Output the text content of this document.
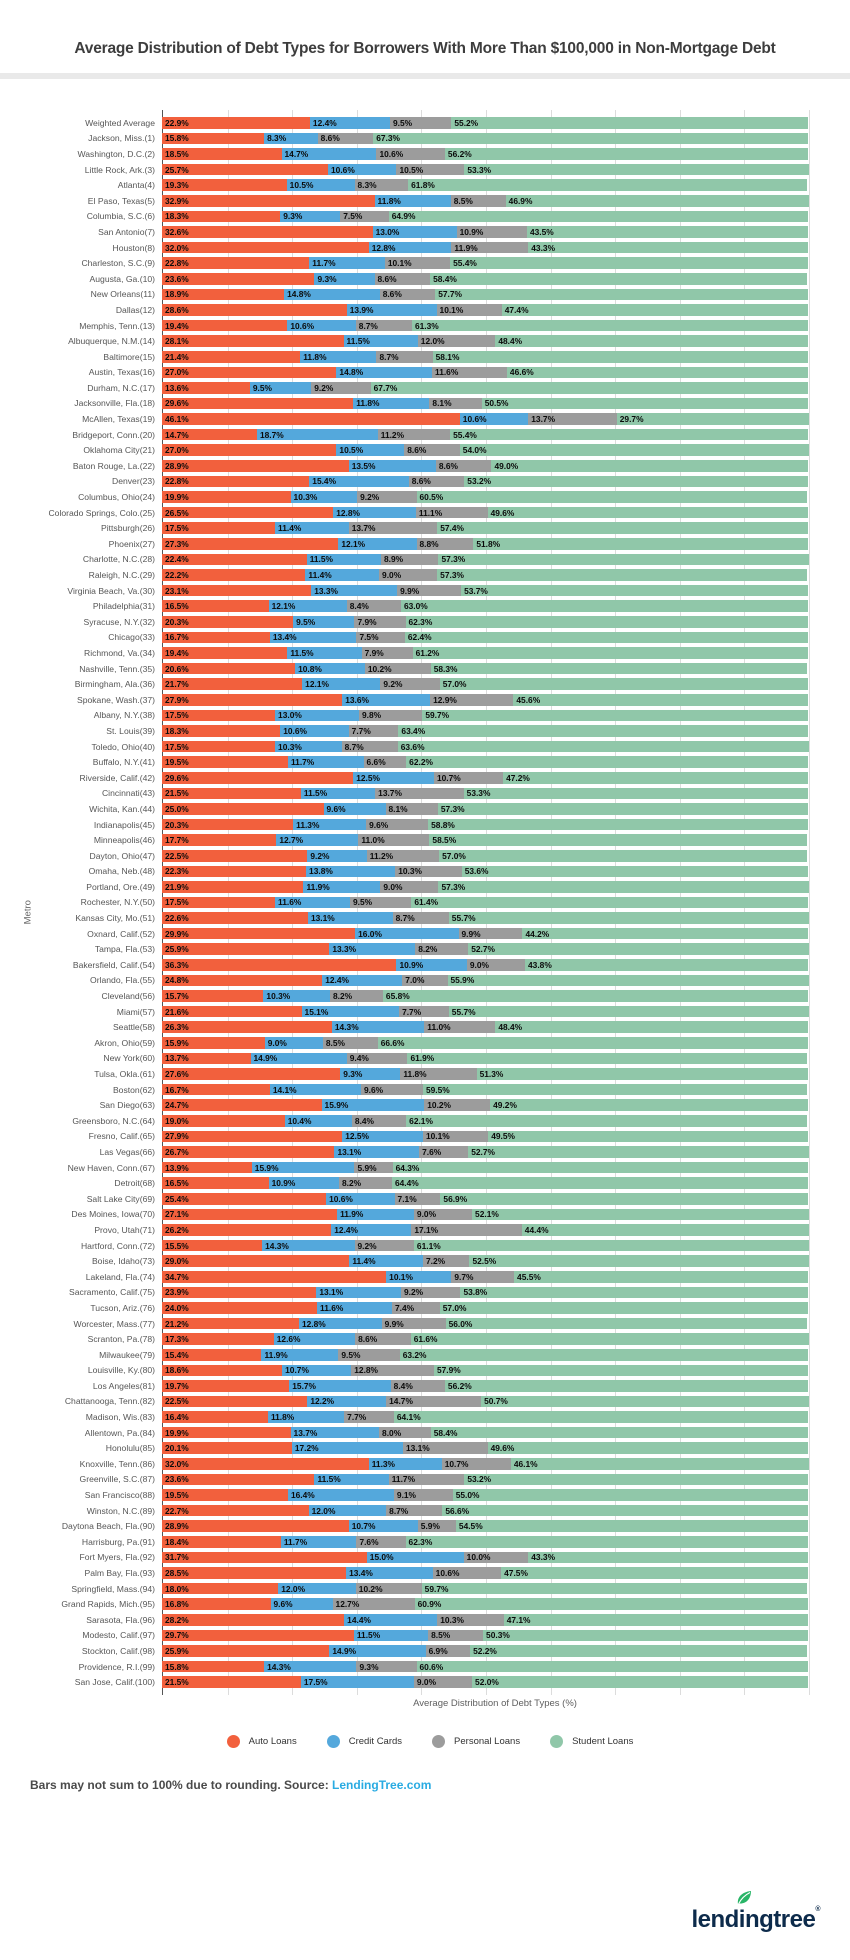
Average Distribution of Debt Types for Borrowers With More Than $100,000 in Non-Mortgage Debt
Metro
Weighted Average	22.9%	12.4%	9.5%	55.2%
Jackson, Miss.(1)	15.8%	8.3%	8.6%	67.3%
Washington, D.C.(2)	18.5%	14.7%	10.6%	56.2%
Little Rock, Ark.(3)	25.7%	10.6%	10.5%	53.3%
Atlanta(4)	19.3%	10.5%	8.3%	61.8%
El Paso, Texas(5)	32.9%	11.8%	8.5%	46.9%
Columbia, S.C.(6)	18.3%	9.3%	7.5%	64.9%
San Antonio(7)	32.6%	13.0%	10.9%	43.5%
Houston(8)	32.0%	12.8%	11.9%	43.3%
Charleston, S.C.(9)	22.8%	11.7%	10.1%	55.4%
Augusta, Ga.(10)	23.6%	9.3%	8.6%	58.4%
New Orleans(11)	18.9%	14.8%	8.6%	57.7%
Dallas(12)	28.6%	13.9%	10.1%	47.4%
Memphis, Tenn.(13)	19.4%	10.6%	8.7%	61.3%
Albuquerque, N.M.(14)	28.1%	11.5%	12.0%	48.4%
Baltimore(15)	21.4%	11.8%	8.7%	58.1%
Austin, Texas(16)	27.0%	14.8%	11.6%	46.6%
Durham, N.C.(17)	13.6%	9.5%	9.2%	67.7%
Jacksonville, Fla.(18)	29.6%	11.8%	8.1%	50.5%
McAllen, Texas(19)	46.1%	10.6%	13.7%	29.7%
Bridgeport, Conn.(20)	14.7%	18.7%	11.2%	55.4%
Oklahoma City(21)	27.0%	10.5%	8.6%	54.0%
Baton Rouge, La.(22)	28.9%	13.5%	8.6%	49.0%
Denver(23)	22.8%	15.4%	8.6%	53.2%
Columbus, Ohio(24)	19.9%	10.3%	9.2%	60.5%
Colorado Springs, Colo.(25)	26.5%	12.8%	11.1%	49.6%
Pittsburgh(26)	17.5%	11.4%	13.7%	57.4%
Phoenix(27)	27.3%	12.1%	8.8%	51.8%
Charlotte, N.C.(28)	22.4%	11.5%	8.9%	57.3%
Raleigh, N.C.(29)	22.2%	11.4%	9.0%	57.3%
Virginia Beach, Va.(30)	23.1%	13.3%	9.9%	53.7%
Philadelphia(31)	16.5%	12.1%	8.4%	63.0%
Syracuse, N.Y.(32)	20.3%	9.5%	7.9%	62.3%
Chicago(33)	16.7%	13.4%	7.5%	62.4%
Richmond, Va.(34)	19.4%	11.5%	7.9%	61.2%
Nashville, Tenn.(35)	20.6%	10.8%	10.2%	58.3%
Birmingham, Ala.(36)	21.7%	12.1%	9.2%	57.0%
Spokane, Wash.(37)	27.9%	13.6%	12.9%	45.6%
Albany, N.Y.(38)	17.5%	13.0%	9.8%	59.7%
St. Louis(39)	18.3%	10.6%	7.7%	63.4%
Toledo, Ohio(40)	17.5%	10.3%	8.7%	63.6%
Buffalo, N.Y.(41)	19.5%	11.7%	6.6%	62.2%
Riverside, Calif.(42)	29.6%	12.5%	10.7%	47.2%
Cincinnati(43)	21.5%	11.5%	13.7%	53.3%
Wichita, Kan.(44)	25.0%	9.6%	8.1%	57.3%
Indianapolis(45)	20.3%	11.3%	9.6%	58.8%
Minneapolis(46)	17.7%	12.7%	11.0%	58.5%
Dayton, Ohio(47)	22.5%	9.2%	11.2%	57.0%
Omaha, Neb.(48)	22.3%	13.8%	10.3%	53.6%
Portland, Ore.(49)	21.9%	11.9%	9.0%	57.3%
Rochester, N.Y.(50)	17.5%	11.6%	9.5%	61.4%
Kansas City, Mo.(51)	22.6%	13.1%	8.7%	55.7%
Oxnard, Calif.(52)	29.9%	16.0%	9.9%	44.2%
Tampa, Fla.(53)	25.9%	13.3%	8.2%	52.7%
Bakersfield, Calif.(54)	36.3%	10.9%	9.0%	43.8%
Orlando, Fla.(55)	24.8%	12.4%	7.0%	55.9%
Cleveland(56)	15.7%	10.3%	8.2%	65.8%
Miami(57)	21.6%	15.1%	7.7%	55.7%
Seattle(58)	26.3%	14.3%	11.0%	48.4%
Akron, Ohio(59)	15.9%	9.0%	8.5%	66.6%
New York(60)	13.7%	14.9%	9.4%	61.9%
Tulsa, Okla.(61)	27.6%	9.3%	11.8%	51.3%
Boston(62)	16.7%	14.1%	9.6%	59.5%
San Diego(63)	24.7%	15.9%	10.2%	49.2%
Greensboro, N.C.(64)	19.0%	10.4%	8.4%	62.1%
Fresno, Calif.(65)	27.9%	12.5%	10.1%	49.5%
Las Vegas(66)	26.7%	13.1%	7.6%	52.7%
New Haven, Conn.(67)	13.9%	15.9%	5.9% 64.3%
Detroit(68)	16.5%	10.9%	8.2%	64.4%
Salt Lake City(69)	25.4%	10.6%	7.1%	56.9%
Des Moines, Iowa(70)	27.1%	11.9%	9.0%	52.1%
Provo, Utah(71)	26.2%	12.4%	17.1%	44.4%
Hartford, Conn.(72)	15.5%	14.3%	9.2%	61.1%
Boise, Idaho(73)	29.0%	11.4%	7.2%	52.5%
Lakeland, Fla.(74)	34.7%	10.1%	9.7%	45.5%
Sacramento, Calif.(75)	23.9%	13.1%	9.2%	53.8%
Tucson, Ariz.(76)	24.0%	11.6%	7.4%	57.0%
Worcester, Mass.(77)	21.2%	12.8%	9.9%	56.0%
Scranton, Pa.(78)	17.3%	12.6%	8.6%	61.6%
Milwaukee(79)	15.4%	11.9%	9.5%	63.2%
Louisville, Ky.(80)	18.6%	10.7%	12.8%	57.9%
Los Angeles(81)	19.7%	15.7%	8.4%	56.2%
Chattanooga, Tenn.(82)	22.5%	12.2%	14.7%	50.7%
Madison, Wis.(83)	16.4%	11.8%	7.7%	64.1%
Allentown, Pa.(84)	19.9%	13.7%	8.0%	58.4%
Honolulu(85)	20.1%	17.2%	13.1%	49.6%
Knoxville, Tenn.(86)	32.0%	11.3%	10.7%	46.1%
Greenville, S.C.(87)	23.6%	11.5%	11.7%	53.2%
San Francisco(88)	19.5%	16.4%	9.1%	55.0%
Winston, N.C.(89)	22.7%	12.0%	8.7%	56.6%
Daytona Beach, Fla.(90)	28.9%	10.7%	5.9% 54.5%
Harrisburg, Pa.(91)	18.4%	11.7%	7.6%	62.3%
Fort Myers, Fla.(92)	31.7%	15.0%	10.0%	43.3%
Palm Bay, Fla.(93)	28.5%	13.4%	10.6%	47.5%
Springfield, Mass.(94)	18.0%	12.0%	10.2%	59.7%
Grand Rapids, Mich.(95)	16.8%	9.6%	12.7%	60.9%
Sarasota, Fla.(96)	28.2%	14.4%	10.3%	47.1%
Modesto, Calif.(97)	29.7%	11.5%	8.5%	50.3%
Stockton, Calif.(98)	25.9%	14.9%	6.9%	52.2%
Providence, R.I.(99)	15.8%	14.3%	9.3%	60.6%
San Jose, Calif.(100)	21.5%	17.5%	9.0%	52.0%
Average Distribution of Debt Types (%)
Auto Loans	Credit Cards	Personal Loans	Student Loans
Bars may not sum to 100% due to rounding. Source: LendingTree.com
lendingtree®
